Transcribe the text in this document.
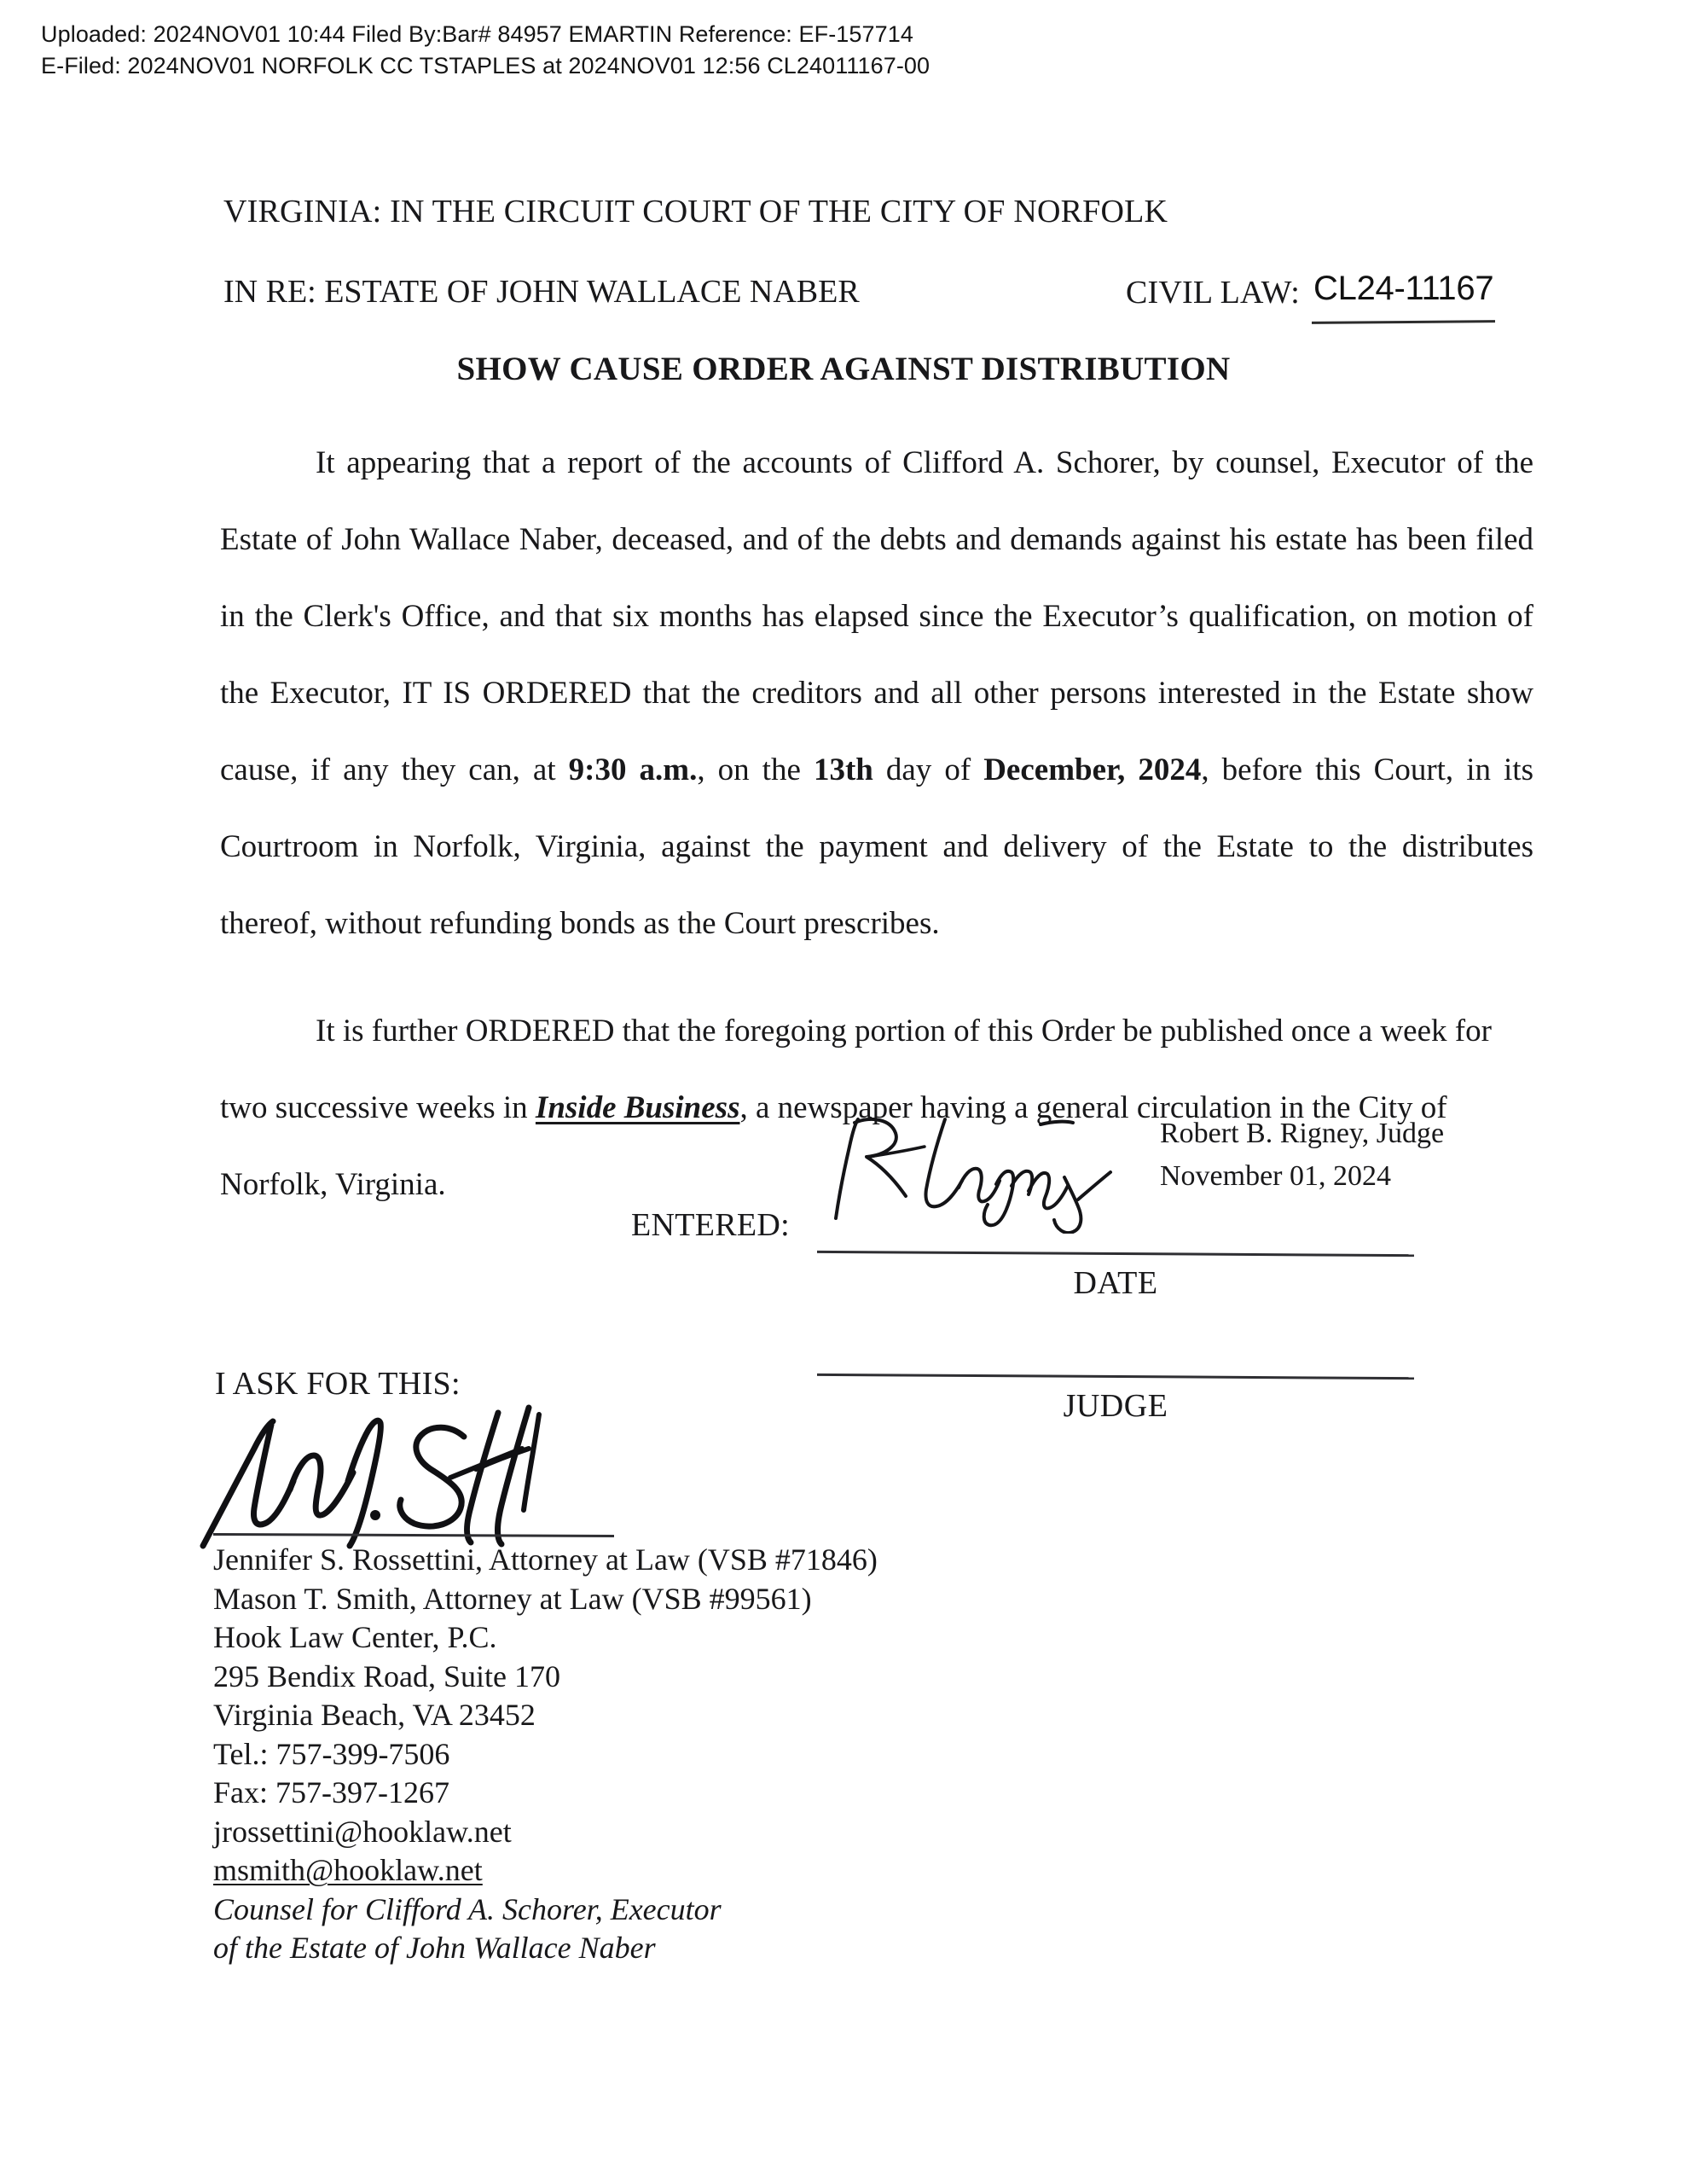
Uploaded: 2024NOV01 10:44 Filed By:Bar# 84957 EMARTIN Reference: EF-157714
E-Filed: 2024NOV01 NORFOLK CC TSTAPLES at 2024NOV01 12:56 CL24011167-00
VIRGINIA: IN THE CIRCUIT COURT OF THE CITY OF NORFOLK
IN RE: ESTATE OF JOHN WALLACE NABER	CIVIL LAW: CL24-11167
SHOW CAUSE ORDER AGAINST DISTRIBUTION

It appearing that a report of the accounts of Clifford A. Schorer, by counsel, Executor of the Estate of John Wallace Naber, deceased, and of the debts and demands against his estate has been filed in the Clerk's Office, and that six months has elapsed since the Executor’s qualification, on motion of the Executor, IT IS ORDERED that the creditors and all other persons interested in the Estate show cause, if any they can, at 9:30 a.m., on the 13th day of December, 2024, before this Court, in its Courtroom in Norfolk, Virginia, against the payment and delivery of the Estate to the distributes thereof, without refunding bonds as the Court prescribes.

It is further ORDERED that the foregoing portion of this Order be published once a week for two successive weeks in Inside Business, a newspaper having a general circulation in the City of Norfolk, Virginia.

Robert B. Rigney, Judge
November 01, 2024
ENTERED:
DATE
JUDGE
I ASK FOR THIS:
Jennifer S. Rossettini, Attorney at Law (VSB #71846)
Mason T. Smith, Attorney at Law (VSB #99561)
Hook Law Center, P.C.
295 Bendix Road, Suite 170
Virginia Beach, VA 23452
Tel.: 757-399-7506
Fax: 757-397-1267
jrossettini@hooklaw.net
msmith@hooklaw.net
Counsel for Clifford A. Schorer, Executor
of the Estate of John Wallace Naber
